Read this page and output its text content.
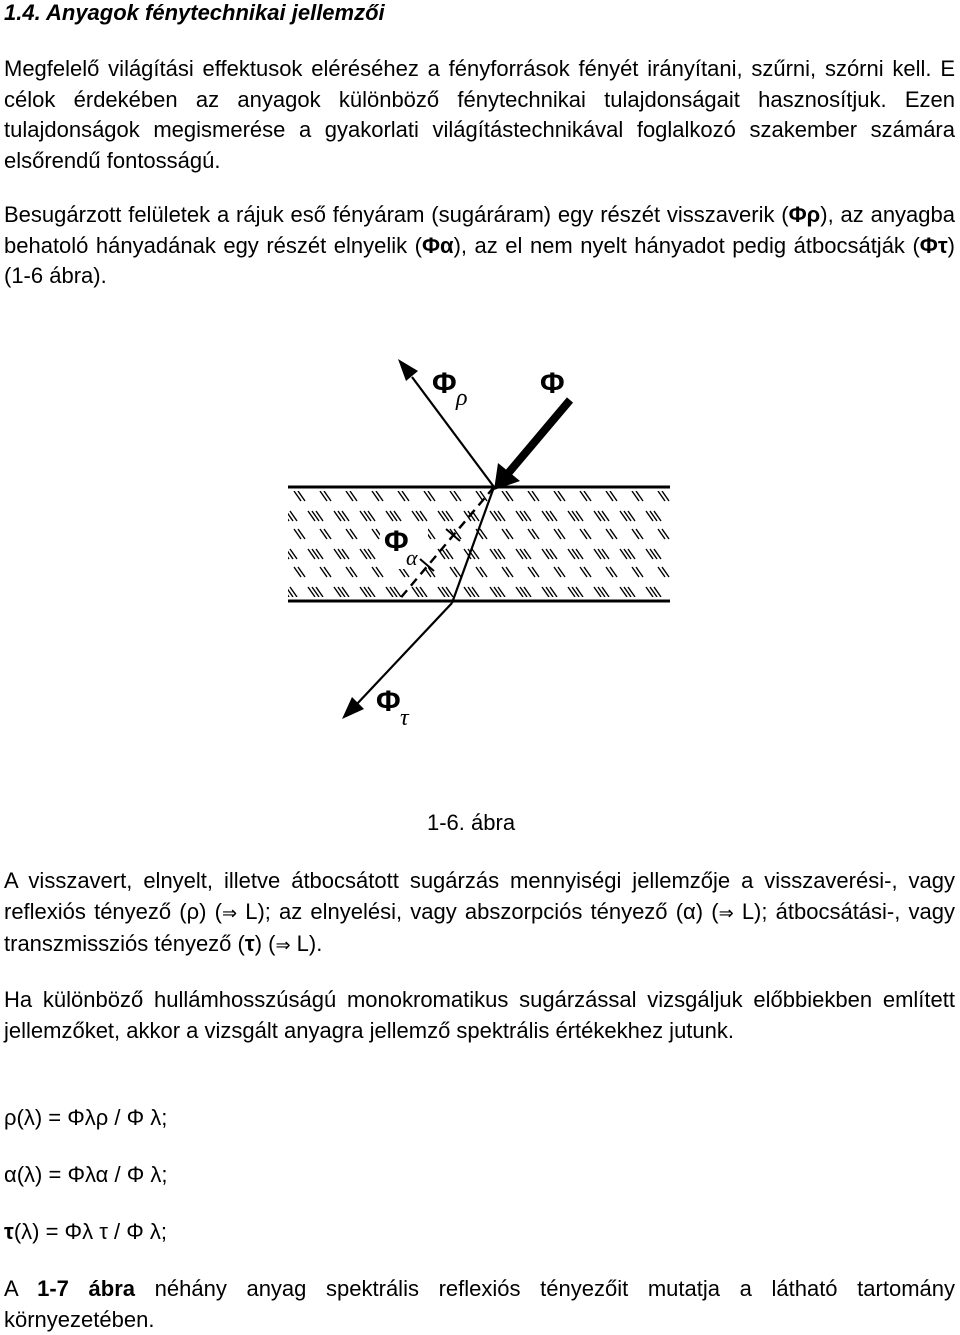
1.4. Anyagok fénytechnikai jellemzői

Megfelelő világítási effektusok eléréséhez a fényforrások fényét irányítani, szűrni, szórni kell. E célok érdekében az anyagok különböző fénytechnikai tulajdonságait hasznosítjuk. Ezen tulajdonságok megismerése a gyakorlati világítástechnikával foglalkozó szakember számára elsőrendű fontosságú.

Besugárzott felületek a rájuk eső fényáram (sugáráram) egy részét visszaverik (Φρ), az anyagba behatoló hányadának egy részét elnyelik (Φα), az el nem nyelt hányadot pedig átbocsátják (Φτ) (1-6 ábra).

Φ ρ Φ
Φ
α
Φ τ

1-6. ábra

A visszavert, elnyelt, illetve átbocsátott sugárzás mennyiségi jellemzője a visszaverési-, vagy reflexiós tényező (ρ) (⇒ L); az elnyelési, vagy abszorpciós tényező (α) (⇒ L); átbocsátási-, vagy transzmissziós tényező (τ) (⇒ L).

Ha különböző hullámhosszúságú monokromatikus sugárzással vizsgáljuk előbbiekben említett jellemzőket, akkor a vizsgált anyagra jellemző spektrális értékekhez jutunk.

ρ(λ) = Φλρ / Φ λ;

α(λ) = Φλα / Φ λ;

τ(λ) = Φλ τ / Φ λ;

A 1-7 ábra néhány anyag spektrális reflexiós tényezőit mutatja a látható tartomány környezetében.
